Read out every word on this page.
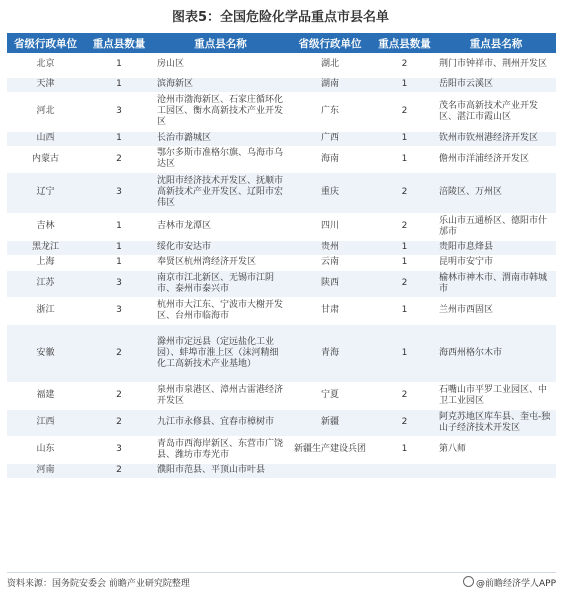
图表5：全国危险化学品重点市县名单
省级行政单位	重点县数量	重点县名称	省级行政单位	重点县数量	重点县名称
北京	1	房山区	湖北	2	荆门市钟祥市、荆州开发区
天津	1	滨海新区	湖南	1	岳阳市云溪区
河北	3	沧州市渤海新区、石家庄循环化工园区、衡水高新技术产业开发区	广东	2	茂名市高新技术产业开发区、湛江市霞山区
山西	1	长治市潞城区	广西	1	钦州市钦州港经济开发区
内蒙古	2	鄂尔多斯市准格尔旗、乌海市乌达区	海南	1	儋州市洋浦经济开发区
辽宁	3	沈阳市经济技术开发区、抚顺市高新技术产业开发区、辽阳市宏伟区	重庆	2	涪陵区、万州区
吉林	1	吉林市龙潭区	四川	2	乐山市五通桥区、德阳市什邡市
黑龙江	1	绥化市安达市	贵州	1	贵阳市息烽县
上海	1	奉贤区杭州湾经济开发区	云南	1	昆明市安宁市
江苏	3	南京市江北新区、无锡市江阴市、泰州市泰兴市	陕西	2	榆林市神木市、渭南市韩城市
浙江	3	杭州市大江东、宁波市大榭开发区、台州市临海市	甘肃	1	兰州市西固区
安徽	2	滁州市定远县（定远盐化工业园）、蚌埠市淮上区（沫河精细化工高新技术产业基地）	青海	1	海西州格尔木市
福建	2	泉州市泉港区、漳州古雷港经济开发区	宁夏	2	石嘴山市平罗工业园区、中卫工业园区
江西	2	九江市永修县、宜春市樟树市	新疆	2	阿克苏地区库车县、奎屯-独山子经济技术开发区
山东	3	青岛市西海岸新区、东营市广饶县、潍坊市寿光市	新疆生产建设兵团	1	第八师
河南	2	濮阳市范县、平顶山市叶县			
资料来源：国务院安委会 前瞻产业研究院整理	@前瞻经济学人APP
